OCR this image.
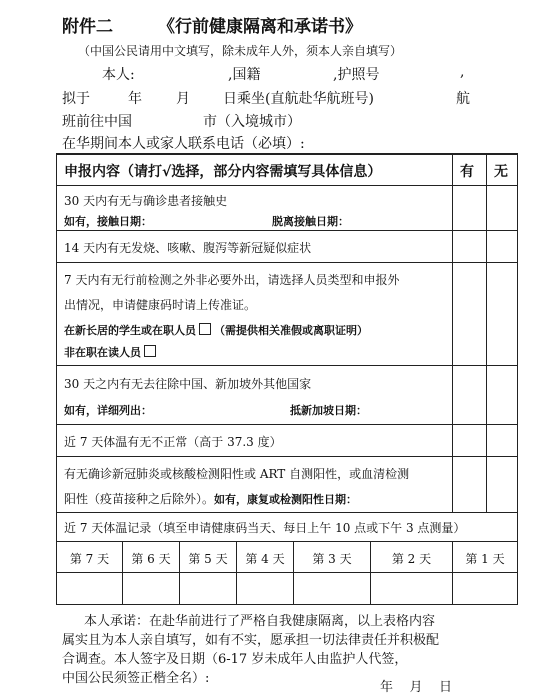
附件二	《行前健康隔离和承诺书》
（中国公民请用中文填写，除未成年人外，须本人亲自填写）
本人:	,国籍	,护照号	,
拟于	年 月 日乘坐(直航赴华航班号)	航
班前往中国	市（入境城市）
在华期间本人或家人联系电话（必填）:
申报内容（请打√选择，部分内容需填写具体信息）	有 无
30 天内有无与确诊患者接触史
如有，接触日期：	脱离接触日期：
14 天内有无发烧、咳嗽、腹泻等新冠疑似症状
7 天内有无行前检测之外非必要外出，请选择人员类型和申报外
出情况，申请健康码时请上传准证。
在新长居的学生或在职人员 （需提供相关准假或离职证明）
非在职在读人员
30 天之内有无去往除中国、新加坡外其他国家
如有，详细列出：	抵新加坡日期：
近 7 天体温有无不正常（高于 37.3 度）
有无确诊新冠肺炎或核酸检测阳性或 ART 自测阳性，或血清检测
阳性（疫苗接种之后除外）。如有，康复或检测阳性日期：
近 7 天体温记录（填至申请健康码当天、每日上午 10 点或下午 3 点测量）
第 7 天	第 6 天	第 5 天	第 4 天	第 3 天	第 2 天	第 1 天
本人承诺：在赴华前进行了严格自我健康隔离，以上表格内容
属实且为本人亲自填写，如有不实，愿承担一切法律责任并积极配
合调查。本人签字及日期（6-17 岁未成年人由监护人代签，
中国公民须签正楷全名）:
年    月    日
